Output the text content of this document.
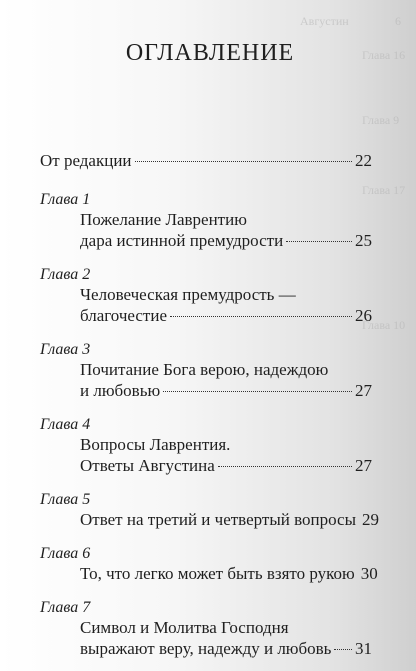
6
Августин
Глава 16
Глава 9
Глава 17
Глава 10
ОГЛАВЛЕНИЕ
От редакции	22
Глава 1
Пожелание Лаврентию
дара истинной премудрости	25
Глава 2
Человеческая премудрость —
благочестие	26
Глава 3
Почитание Бога верою, надеждою
и любовью	27
Глава 4
Вопросы Лаврентия.
Ответы Августина	27
Глава 5
Ответ на третий и четвертый вопросы 29
Глава 6
То, что легко может быть взято рукою 30
Глава 7
Символ и Молитва Господня
выражают веру, надежду и любовь 31
